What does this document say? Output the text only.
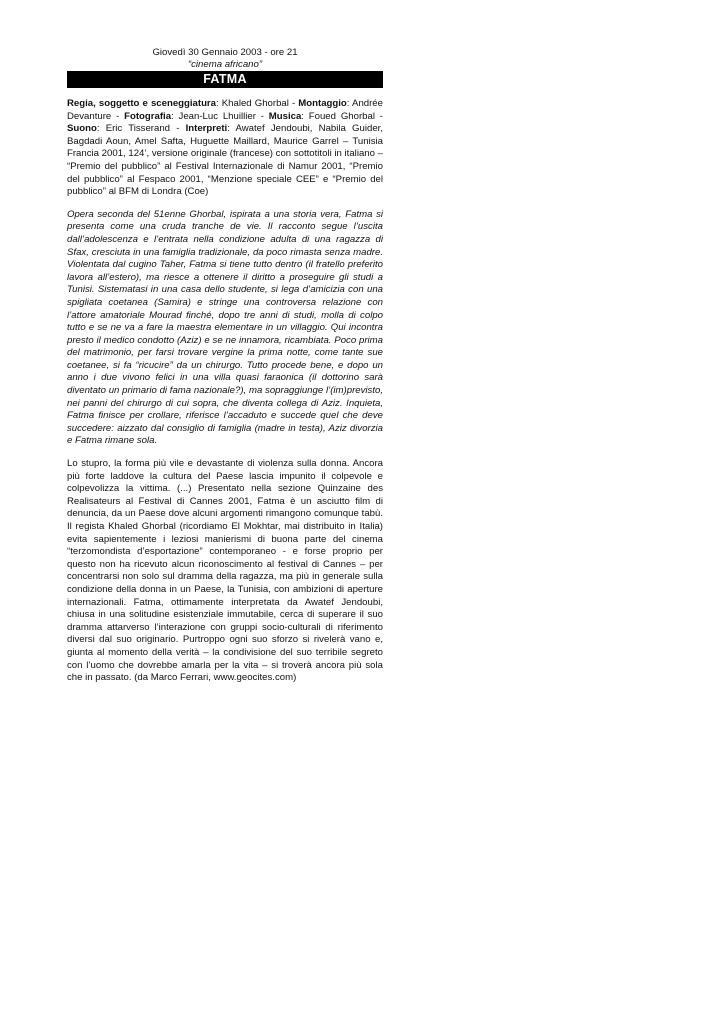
Giovedì 30 Gennaio 2003 - ore 21
“cinema africano”
FATMA
Regia, soggetto e sceneggiatura: Khaled Ghorbal - Montaggio: Andrée Devanture - Fotografia: Jean-Luc Lhuillier - Musica: Foued Ghorbal - Suono: Eric Tisserand - Interpreti: Awatef Jendoubi, Nabila Guider, Bagdadi Aoun, Amel Safta, Huguette Maillard, Maurice Garrel – Tunisia Francia 2001, 124’, versione originale (francese) con sottotitoli in italiano – “Premio del pubblico” al Festival Internazionale di Namur 2001, “Premio del pubblico” al Fespaco 2001, “Menzione speciale CEE” e “Premio del pubblico” al BFM di Londra (Coe)
Opera seconda del 51enne Ghorbal, ispirata a una storia vera, Fatma si presenta come una cruda tranche de vie. Il racconto segue l’uscita dall’adolescenza e l’entrata nella condizione adulta di una ragazza di Sfax, cresciuta in una famiglia tradizionale, da poco rimasta senza madre. Violentata dal cugino Taher, Fatma si tiene tutto dentro (il fratello preferito lavora all’estero), ma riesce a ottenere il diritto a proseguire gli studi a Tunisi. Sistematasi in una casa dello studente, si lega d’amicizia con una spigliata coetanea (Samira) e stringe una controversa relazione con l’attore amatoriale Mourad finché, dopo tre anni di studi, molla di colpo tutto e se ne va a fare la maestra elementare in un villaggio. Qui incontra presto il medico condotto (Aziz) e se ne innamora, ricambiata. Poco prima del matrimonio, per farsi trovare vergine la prima notte, come tante sue coetanee, si fa “ricucire” da un chirurgo. Tutto procede bene, e dopo un anno i due vivono felici in una villa quasi faraonica (il dottorino sarà diventato un primario di fama nazionale?), ma sopraggiunge l’(im)previsto, nei panni del chirurgo di cui sopra, che diventa collega di Aziz. Inquieta, Fatma finisce per crollare, riferisce l’accaduto e succede quel che deve succedere: aizzato dal consiglio di famiglia (madre in testa), Aziz divorzia e Fatma rimane sola.
Lo stupro, la forma più vile e devastante di violenza sulla donna. Ancora più forte laddove la cultura del Paese lascia impunito il colpevole e colpevolizza la vittima. (...) Presentato nella sezione Quinzaine des Realisateurs al Festival di Cannes 2001, Fatma è un asciutto film di denuncia, da un Paese dove alcuni argomenti rimangono comunque tabù. Il regista Khaled Ghorbal (ricordiamo El Mokhtar, mai distribuito in Italia) evita sapientemente i leziosi manierismi di buona parte del cinema “terzomondista d’esportazione” contemporaneo - e forse proprio per questo non ha ricevuto alcun riconoscimento al festival di Cannes – per concentrarsi non solo sul dramma della ragazza, ma più in generale sulla condizione della donna in un Paese, la Tunisia, con ambizioni di aperture internazionali. Fatma, ottimamente interpretata da Awatef Jendoubi, chiusa in una solitudine esistenziale immutabile, cerca di superare il suo dramma attarverso l’interazione con gruppi socio-culturali di riferimento diversi dal suo originario. Purtroppo ogni suo sforzo si rivelerà vano e, giunta al momento della verità – la condivisione del suo terribile segreto con l’uomo che dovrebbe amarla per la vita – si troverà ancora più sola che in passato. (da Marco Ferrari, www.geocites.com)
